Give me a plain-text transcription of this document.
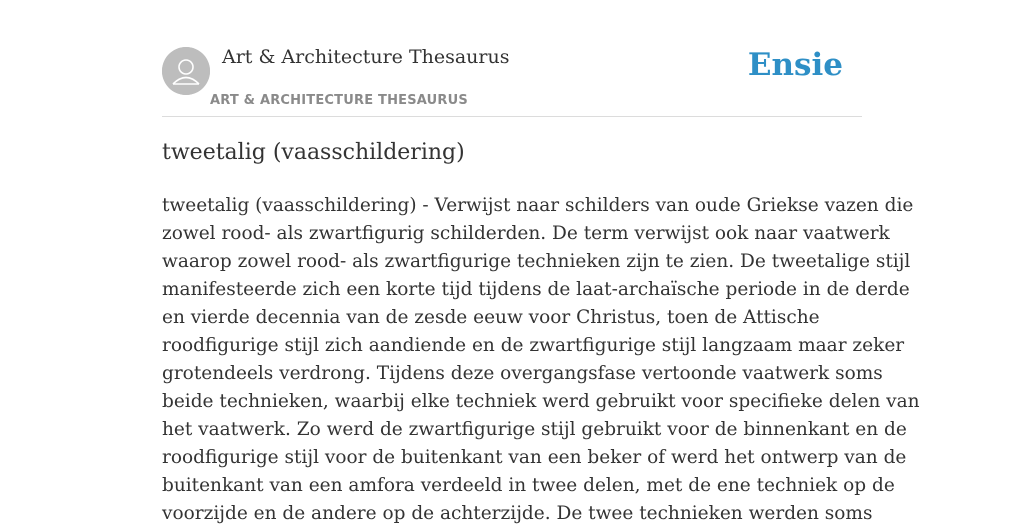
Art & Architecture Thesaurus
ART & ARCHITECTURE THESAURUS
Ensie
tweetalig (vaasschildering)
tweetalig (vaasschildering) - Verwijst naar schilders van oude Griekse vazen die
zowel rood- als zwartfigurig schilderden. De term verwijst ook naar vaatwerk
waarop zowel rood- als zwartfigurige technieken zijn te zien. De tweetalige stijl
manifesteerde zich een korte tijd tijdens de laat-archaïsche periode in de derde
en vierde decennia van de zesde eeuw voor Christus, toen de Attische
roodfigurige stijl zich aandiende en de zwartfigurige stijl langzaam maar zeker
grotendeels verdrong. Tijdens deze overgangsfase vertoonde vaatwerk soms
beide technieken, waarbij elke techniek werd gebruikt voor specifieke delen van
het vaatwerk. Zo werd de zwartfigurige stijl gebruikt voor de binnenkant en de
roodfigurige stijl voor de buitenkant van een beker of werd het ontwerp van de
buitenkant van een amfora verdeeld in twee delen, met de ene techniek op de
voorzijde en de andere op de achterzijde. De twee technieken werden soms
